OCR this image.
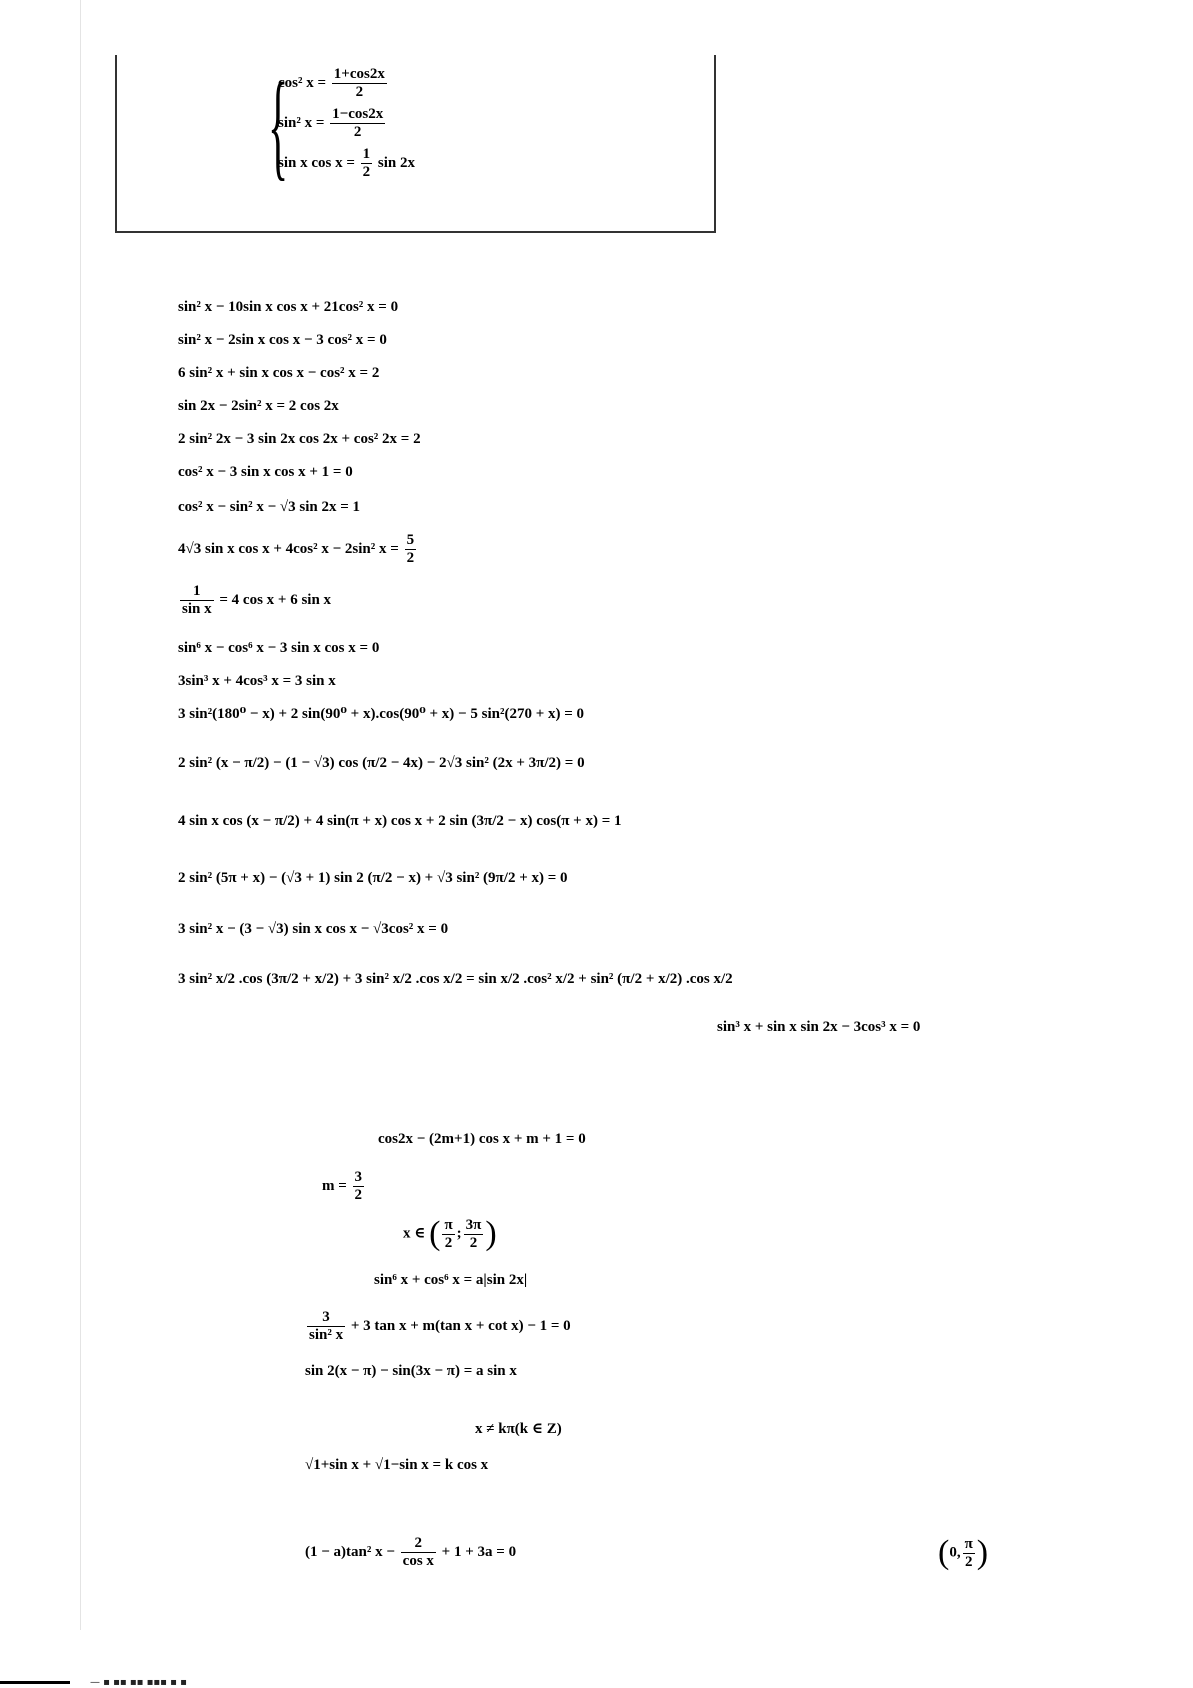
{
cos² $x = \frac{1+\cos 2x}{2}$
sin² $x = \frac{1-\cos 2x}{2}$
sin x $\cos x = \frac{1}{2}$ sin 2x
sin² x − 10sin x cos x + 21cos² x = 0
sin² x − 2sin x cos x − 3 cos² x = 0
6 sin² x + sin x cos x − cos² x = 2
sin 2x − 2sin² x = 2 cos 2x
2 sin² 2x − 3 sin 2x cos 2x + cos² 2x = 2
cos² x − 3 sin x cos x + 1 = 0
cos² x − sin² x − √3 sin 2x = 1
4√3 sin x cos x + 4cos² x − 2sin² $x = \frac{5}{2}$
$\frac{1}{\text{sin x}} = 4$ cos x + 6 sin x
sin⁶ x − cos⁶ x − 3 sin x cos x = 0
3sin³ x + 4cos³ x = 3 sin x
3 sin²(180⁰ − x) + 2 sin(90⁰ + x).cos(90⁰ + x) − 5 sin²(270 + x) = 0
2 sin² (x − π/2) − (1 − √3) cos (π/2 − 4x) − 2√3 sin² (2x + 3π/2) = 0
4 sin x cos (x − π/2) + 4 sin(π + x) cos x + 2 sin (3π/2 − x) cos(π + x) = 1
2 sin² (5π + x) − (√3 + 1) sin 2 (π/2 − x) + √3 sin² (9π/2 + x) = 0
3 sin² x − (3 − √3) sin x cos x − √3cos² x = 0
3 sin² x/2 .cos (3π/2 + x/2) + 3 sin² x/2 .cos x/2 = sin x/2 .cos² x/2 + sin² (π/2 + x/2) .cos x/2
sin³ x + sin x sin 2x − 3cos³ x = 0
cos2x − (2m+1) cos x + m + 1 = 0
$m = \frac{3}{2}$
x ∈ ( $\frac{\pi}{2}$ ; $\frac{3\pi}{2}$ )
sin⁶ x + cos⁶ x = a|sin 2x|
$\frac{3}{\text{sin² x}} + 3$ tan x + m(tan x + cot x) − 1 = 0
sin 2(x − π) − sin(3x − π) = a sin x
x ≠ kπ(k ∈ Z)
√1+sin x + √1−sin x = k cos x
(1 − a)tan² $x - \frac{2}{\text{cos x}} + 1 + 3a = 0$	(0, $\frac{\pi}{2}$ )
— ▪ ▪▪ ▪▪ ▪▪▪ ▪ ▪
